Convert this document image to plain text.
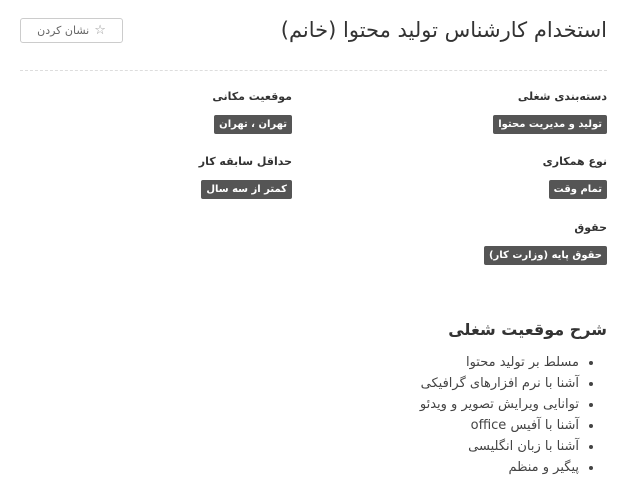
استخدام کارشناس تولید محتوا (خانم)
☆
نشان کردن
دسته‌بندی شغلی
تولید و مدیریت محتوا
موقعیت مکانی
تهران ، تهران
نوع همکاری
تمام وقت
حداقل سابقه کار
کمتر از سه سال
حقوق
حقوق پایه (وزارت کار)
شرح موقعیت شغلی
• مسلط بر تولید محتوا
• آشنا با نرم افزارهای گرافیکی
• توانایی ویرایش تصویر و ویدئو
• آشنا با آفیس office
• آشنا با زبان انگلیسی
• پیگیر و منظم
